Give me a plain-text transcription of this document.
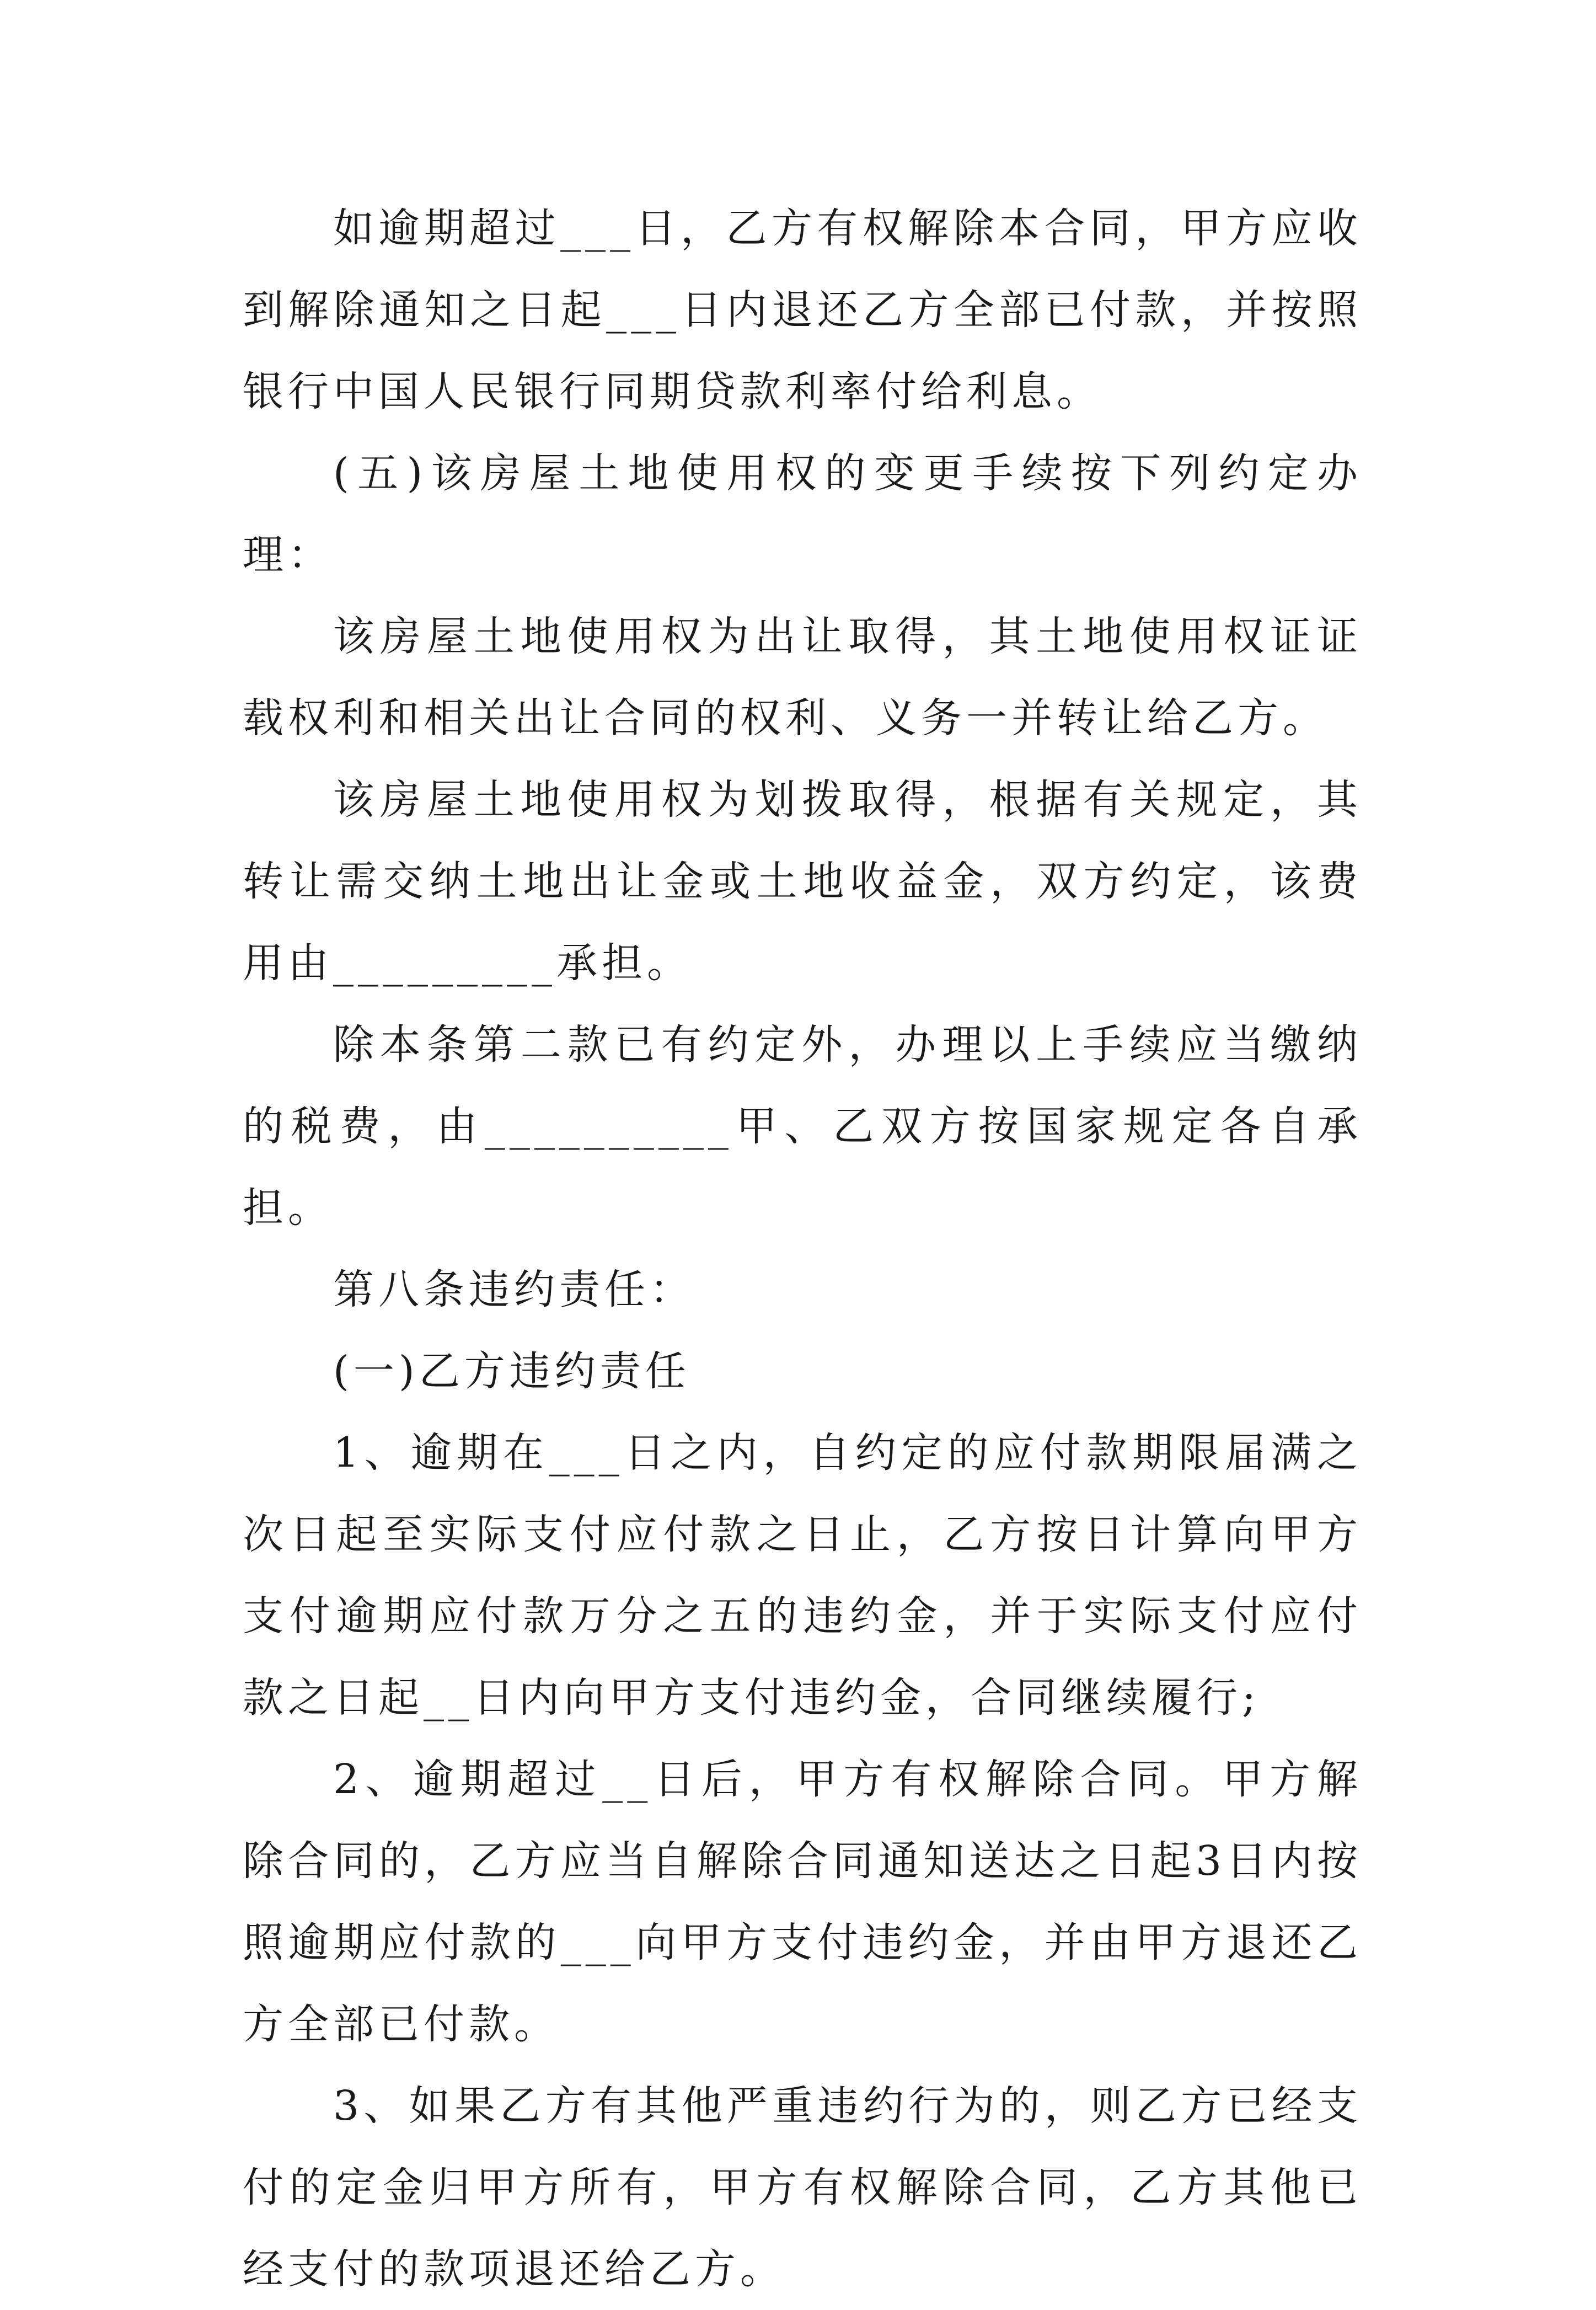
如逾期超过___日，乙方有权解除本合同，甲方应收到解除通知之日起___日内退还乙方全部已付款，并按照银行中国人民银行同期贷款利率付给利息。

(五)该房屋土地使用权的变更手续按下列约定办理：

该房屋土地使用权为出让取得，其土地使用权证证载权利和相关出让合同的权利、义务一并转让给乙方。

该房屋土地使用权为划拨取得，根据有关规定，其转让需交纳土地出让金或土地收益金，双方约定，该费用由_________承担。

除本条第二款已有约定外，办理以上手续应当缴纳的税费，由__________甲、乙双方按国家规定各自承担。

第八条违约责任：

(一)乙方违约责任

1、逾期在___日之内，自约定的应付款期限届满之次日起至实际支付应付款之日止，乙方按日计算向甲方支付逾期应付款万分之五的违约金，并于实际支付应付款之日起__日内向甲方支付违约金，合同继续履行;

2、逾期超过__日后，甲方有权解除合同。甲方解除合同的，乙方应当自解除合同通知送达之日起3日内按照逾期应付款的___向甲方支付违约金，并由甲方退还乙方全部已付款。

3、如果乙方有其他严重违约行为的，则乙方已经支付的定金归甲方所有，甲方有权解除合同，乙方其他已经支付的款项退还给乙方。
